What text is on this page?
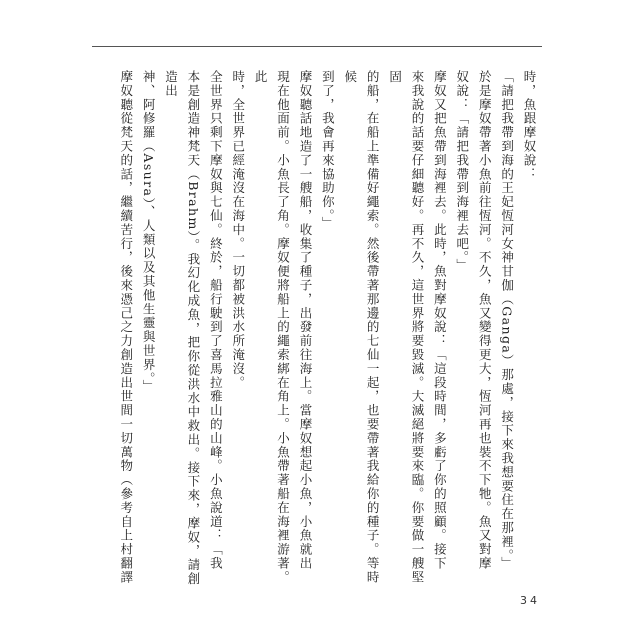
時，魚跟摩奴說：
「請把我帶到海的王妃恆河女神甘伽（Ganga）那處，接下來我想要住在那裡。」
於是摩奴帶著小魚前往恆河。不久，魚又變得更大，恆河再也裝不下牠。魚又對摩
奴說：「請把我帶到海裡去吧。」
摩奴又把魚帶到海裡去。此時，魚對摩奴說：「這段時間，多虧了你的照顧。接下
來我說的話要仔細聽好。再不久，這世界將要毀滅。大滅絕將要來臨。你要做一艘堅固
的船，在船上準備好繩索。然後帶著那邊的七仙一起，也要帶著我給你的種子。等時候
到了，我會再來協助你。」
摩奴聽話地造了一艘船，收集了種子，出發前往海上。當摩奴想起小魚，小魚就出
現在他面前。小魚長了角。摩奴便將船上的繩索綁在角上。小魚帶著船在海裡游著。此
時，全世界已經淹沒在海中。一切都被洪水所淹沒。
全世界只剩下摩奴與七仙。終於，船行駛到了喜馬拉雅山的山峰。小魚說道：「我
本是創造神梵天（Brahm）。我幻化成魚，把你從洪水中救出。接下來，摩奴，請創造出
神、阿修羅（Asura）、人類以及其他生靈與世界。」
摩奴聽從梵天的話，繼續苦行，後來憑己之力創造出世間一切萬物（參考自上村翻譯
34
